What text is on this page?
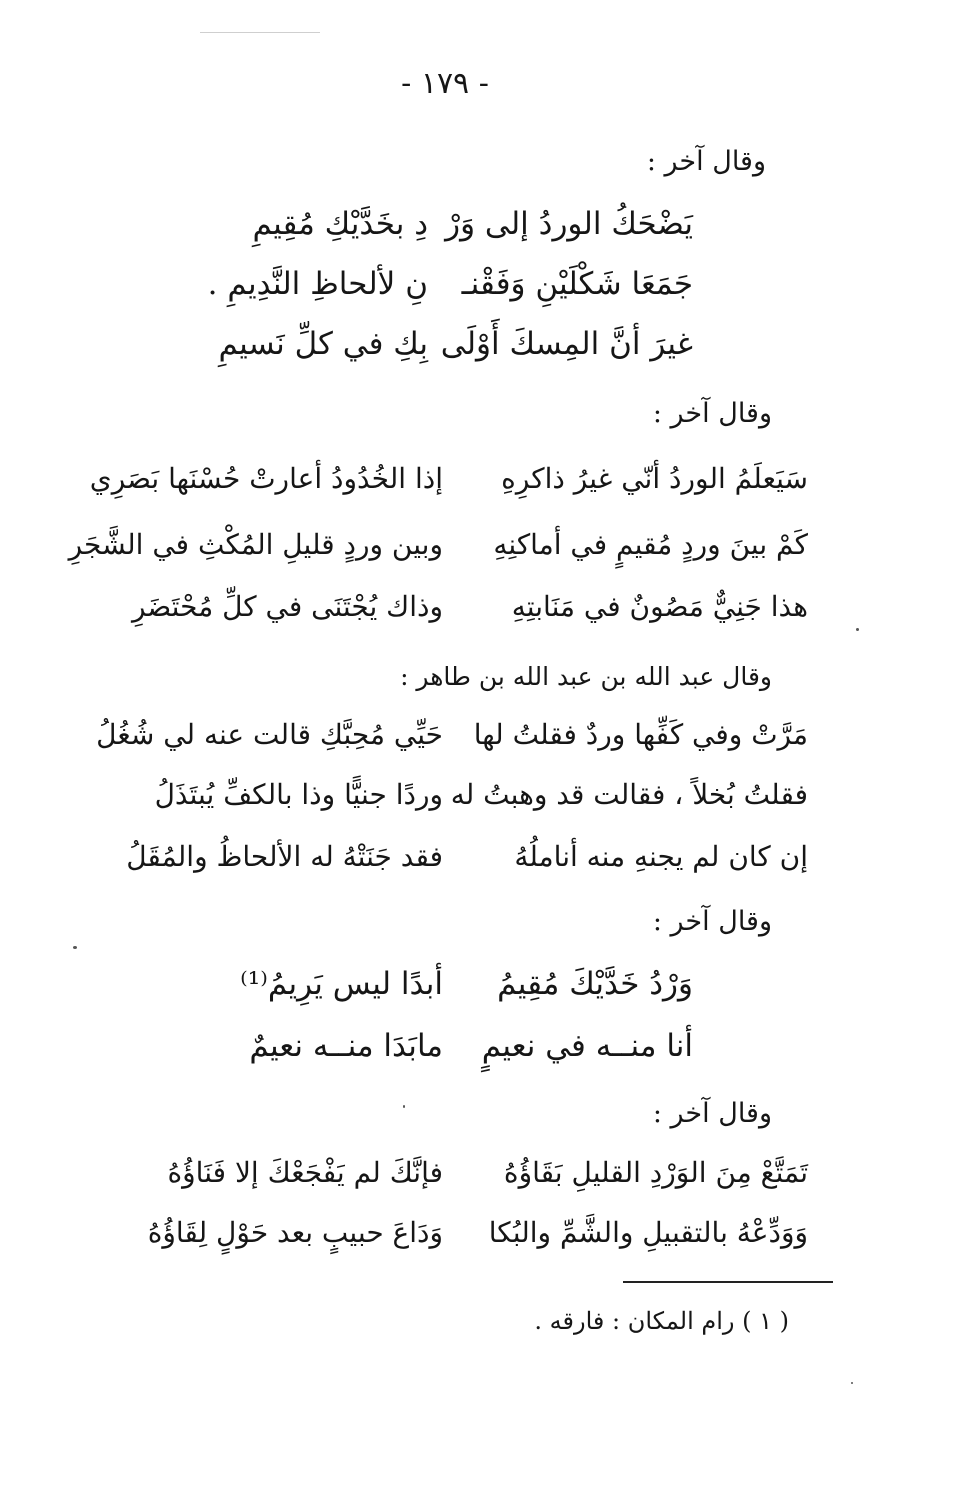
- ١٧٩ -
وقال آخر :
يَضْحَكُ الوردُ إلى وَرْ
دِ بخَدَّيْكِ مُقِيمِ
جَمَعَا شَكْلَيْنِ وَفَقْنـ
نِ لألحاظِ النَّدِيمِ .
غيرَ أنَّ المِسكَ أَوْلَى
بِكِ في كلِّ نَسيمِ
وقال آخر :
سَيَعلَمُ الوردُ أنّي غيرُ ذاكرِهِ
إذا الخُدُودُ أعارتْ حُسْنَها بَصَرِي
كَمْ بينَ وردٍ مُقيمٍ في أماكنِهِ
وبين وردٍ قليلِ المُكْثِ في الشَّجَرِ
هذا جَنِيٌّ مَصُونٌ في مَنَابتِهِ
وذاك يُجْتَنَى في كلِّ مُحْتَضَرِ
وقال عبد الله بن عبد الله بن طاهر :
مَرَّتْ وفي كَفِّها وردٌ فقلتُ لها
حَيِّي مُحِبَّكِ قالت عنه لي شُغُلُ
فقلتُ بُخلاً ، فقالت قد وهبتُ له
وردًا جنيًّا وذا بالكفِّ يُبتَذَلُ
إن كان لم يجنهِ منه أناملُهُ
فقد جَنَتْهُ له الألحاظُ والمُقَلُ
وقال آخر :
وَرْدُ خَدَّيْكَ مُقِيمُ
أبدًا ليس يَرِيمُ⁽¹⁾
أنا منــه في نعيمٍ
مابَدَا منــه نعيمٌ
وقال آخر :
تَمَتَّعْ مِنَ الوَرْدِ القليلِ بَقَاؤُهُ
فإنَّكَ لم يَفْجَعْكَ إلا فَنَاؤُهُ
وَوَدِّعْهُ بالتقبيلِ والشَّمِّ والبُكا
وَدَاعَ حبيبٍ بعد حَوْلٍ لِقَاؤُهُ
( ١ ) رام المكان : فارقه .
